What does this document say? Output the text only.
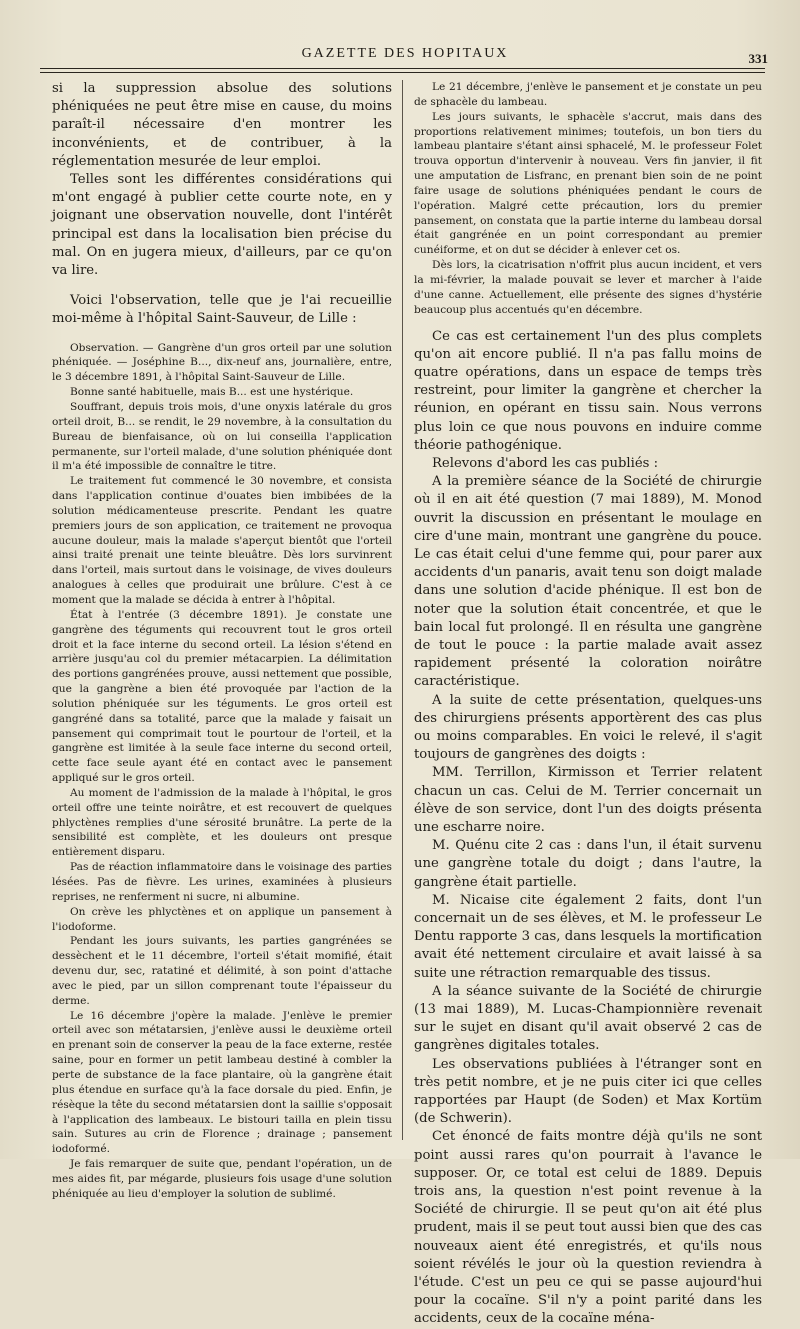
GAZETTE DES HOPITAUX	331

si la suppression absolue des solutions phéniquées ne peut être mise en cause, du moins paraît-il nécessaire d'en montrer les inconvénients, et de contribuer, à la réglementation mesurée de leur emploi.

Telles sont les différentes considérations qui m'ont engagé à publier cette courte note, en y joignant une observation nouvelle, dont l'intérêt principal est dans la localisation bien précise du mal. On en jugera mieux, d'ailleurs, par ce qu'on va lire.

Voici l'observation, telle que je l'ai recueillie moi-même à l'hôpital Saint-Sauveur, de Lille :

Observation. — Gangrène d'un gros orteil par une solution phéniquée. — Joséphine B..., dix-neuf ans, journalière, entre, le 3 décembre 1891, à l'hôpital Saint-Sauveur de Lille.

Bonne santé habituelle, mais B... est une hystérique.

Souffrant, depuis trois mois, d'une onyxis latérale du gros orteil droit, B... se rendit, le 29 novembre, à la consultation du Bureau de bienfaisance, où on lui conseilla l'application permanente, sur l'orteil malade, d'une solution phéniquée dont il m'a été impossible de connaître le titre.

Le traitement fut commencé le 30 novembre, et consista dans l'application continue d'ouates bien imbibées de la solution médicamenteuse prescrite. Pendant les quatre premiers jours de son application, ce traitement ne provoqua aucune douleur, mais la malade s'aperçut bientôt que l'orteil ainsi traité prenait une teinte bleuâtre. Dès lors survinrent dans l'orteil, mais surtout dans le voisinage, de vives douleurs analogues à celles que produirait une brûlure. C'est à ce moment que la malade se décida à entrer à l'hôpital.

État à l'entrée (3 décembre 1891). Je constate une gangrène des téguments qui recouvrent tout le gros orteil droit et la face interne du second orteil. La lésion s'étend en arrière jusqu'au col du premier métacarpien. La délimitation des portions gangrénées prouve, aussi nettement que possible, que la gangrène a bien été provoquée par l'action de la solution phéniquée sur les téguments. Le gros orteil est gangréné dans sa totalité, parce que la malade y faisait un pansement qui comprimait tout le pourtour de l'orteil, et la gangrène est limitée à la seule face interne du second orteil, cette face seule ayant été en contact avec le pansement appliqué sur le gros orteil.

Au moment de l'admission de la malade à l'hôpital, le gros orteil offre une teinte noirâtre, et est recouvert de quelques phlyctènes remplies d'une sérosité brunâtre. La perte de la sensibilité est complète, et les douleurs ont presque entièrement disparu.

Pas de réaction inflammatoire dans le voisinage des parties lésées. Pas de fièvre. Les urines, examinées à plusieurs reprises, ne renferment ni sucre, ni albumine.

On crève les phlyctènes et on applique un pansement à l'iodoforme.

Pendant les jours suivants, les parties gangrénées se dessèchent et le 11 décembre, l'orteil s'était momifié, était devenu dur, sec, ratatiné et délimité, à son point d'attache avec le pied, par un sillon comprenant toute l'épaisseur du derme.

Le 16 décembre j'opère la malade. J'enlève le premier orteil avec son métatarsien, j'enlève aussi le deuxième orteil en prenant soin de conserver la peau de la face externe, restée saine, pour en former un petit lambeau destiné à combler la perte de substance de la face plantaire, où la gangrène était plus étendue en surface qu'à la face dorsale du pied. Enfin, je résèque la tête du second métatarsien dont la saillie s'opposait à l'application des lambeaux. Le bistouri tailla en plein tissu sain. Sutures au crin de Florence ; drainage ; pansement iodoformé.

Je fais remarquer de suite que, pendant l'opération, un de mes aides fit, par mégarde, plusieurs fois usage d'une solution phéniquée au lieu d'employer la solution de sublimé.

Le 21 décembre, j'enlève le pansement et je constate un peu de sphacèle du lambeau.

Les jours suivants, le sphacèle s'accrut, mais dans des proportions relativement minimes; toutefois, un bon tiers du lambeau plantaire s'étant ainsi sphacelé, M. le professeur Folet trouva opportun d'intervenir à nouveau. Vers fin janvier, il fit une amputation de Lisfranc, en prenant bien soin de ne point faire usage de solutions phéniquées pendant le cours de l'opération. Malgré cette précaution, lors du premier pansement, on constata que la partie interne du lambeau dorsal était gangrénée en un point correspondant au premier cunéiforme, et on dut se décider à enlever cet os.

Dès lors, la cicatrisation n'offrit plus aucun incident, et vers la mi-février, la malade pouvait se lever et marcher à l'aide d'une canne. Actuellement, elle présente des signes d'hystérie beaucoup plus accentués qu'en décembre.

Ce cas est certainement l'un des plus complets qu'on ait encore publié. Il n'a pas fallu moins de quatre opérations, dans un espace de temps très restreint, pour limiter la gangrène et chercher la réunion, en opérant en tissu sain. Nous verrons plus loin ce que nous pouvons en induire comme théorie pathogénique.

Relevons d'abord les cas publiés :

A la première séance de la Société de chirurgie où il en ait été question (7 mai 1889), M. Monod ouvrit la discussion en présentant le moulage en cire d'une main, montrant une gangrène du pouce. Le cas était celui d'une femme qui, pour parer aux accidents d'un panaris, avait tenu son doigt malade dans une solution d'acide phénique. Il est bon de noter que la solution était concentrée, et que le bain local fut prolongé. Il en résulta une gangrène de tout le pouce : la partie malade avait assez rapidement présenté la coloration noirâtre caractéristique.

A la suite de cette présentation, quelques-uns des chirurgiens présents apportèrent des cas plus ou moins comparables. En voici le relevé, il s'agit toujours de gangrènes des doigts :

MM. Terrillon, Kirmisson et Terrier relatent chacun un cas. Celui de M. Terrier concernait un élève de son service, dont l'un des doigts présenta une escharre noire.

M. Quénu cite 2 cas : dans l'un, il était survenu une gangrène totale du doigt ; dans l'autre, la gangrène était partielle.

M. Nicaise cite également 2 faits, dont l'un concernait un de ses élèves, et M. le professeur Le Dentu rapporte 3 cas, dans lesquels la mortification avait été nettement circulaire et avait laissé à sa suite une rétraction remarquable des tissus.

A la séance suivante de la Société de chirurgie (13 mai 1889), M. Lucas-Championnière revenait sur le sujet en disant qu'il avait observé 2 cas de gangrènes digitales totales.

Les observations publiées à l'étranger sont en très petit nombre, et je ne puis citer ici que celles rapportées par Haupt (de Soden) et Max Kortüm (de Schwerin).

Cet énoncé de faits montre déjà qu'ils ne sont point aussi rares qu'on pourrait à l'avance le supposer. Or, ce total est celui de 1889. Depuis trois ans, la question n'est point revenue à la Société de chirurgie. Il se peut qu'on ait été plus prudent, mais il se peut tout aussi bien que des cas nouveaux aient été enregistrés, et qu'ils nous soient révélés le jour où la question reviendra à l'étude. C'est un peu ce qui se passe aujourd'hui pour la cocaïne. S'il n'y a point parité dans les accidents, ceux de la cocaïne ména-
